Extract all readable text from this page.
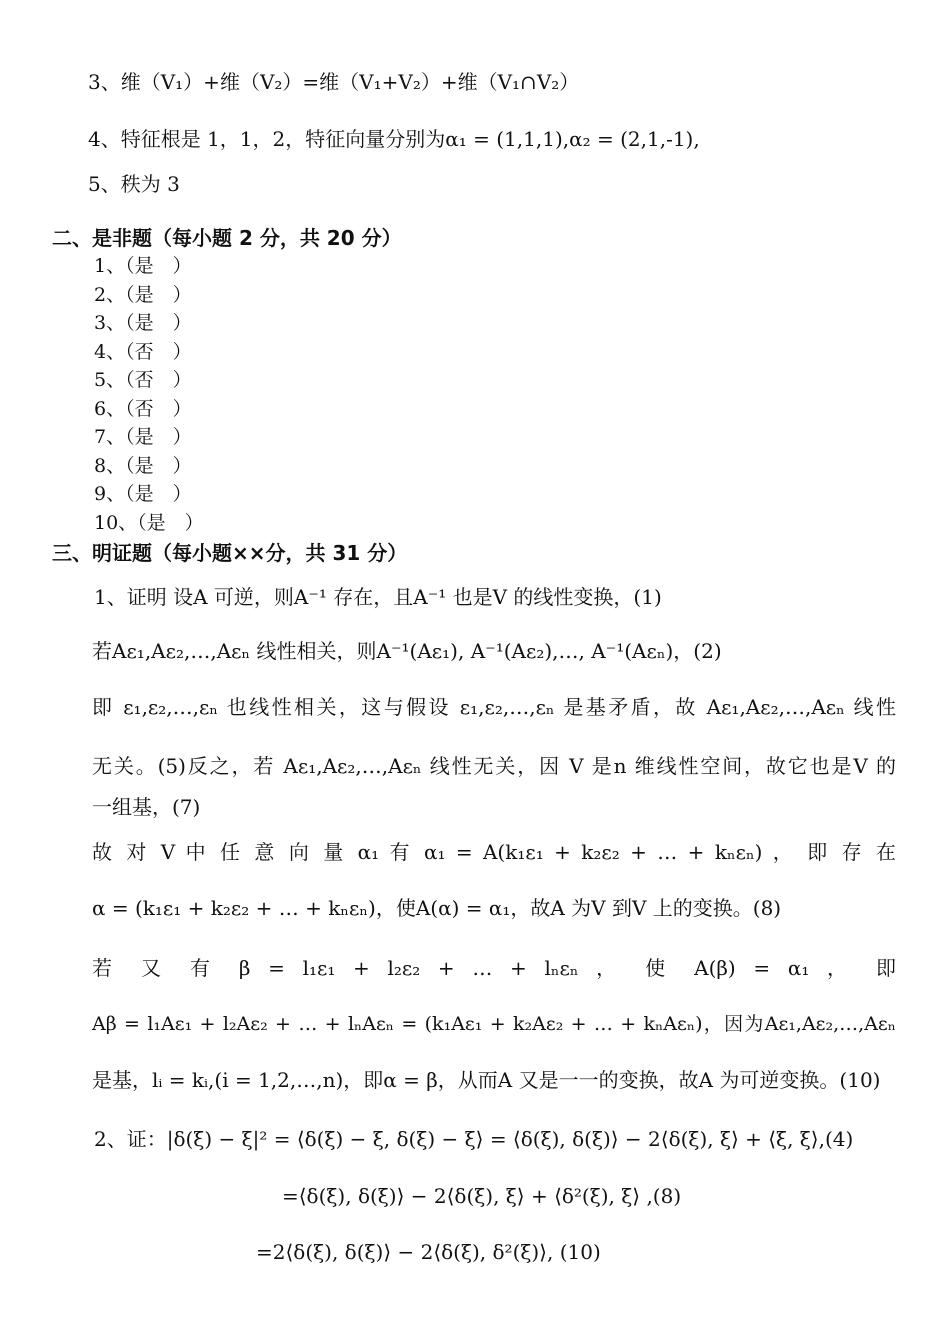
3、维（V₁）+维（V₂）=维（V₁+V₂）+维（V₁∩V₂）
4、特征根是 1，1，2，特征向量分别为α₁ = (1,1,1),α₂ = (2,1,-1),
5、秩为 3
二、是非题（每小题 2 分，共 20 分）
1、（是　）
2、（是　）
3、（是　）
4、（否　）
5、（否　）
6、（否　）
7、（是　）
8、（是　）
9、（是　）
10、（是　）
三、明证题（每小题××分，共 31 分）
1、证明 设A 可逆，则A⁻¹ 存在，且A⁻¹ 也是V 的线性变换，(1)
若Aε₁,Aε₂,…,Aεₙ 线性相关，则A⁻¹(Aε₁), A⁻¹(Aε₂),…, A⁻¹(Aεₙ)，(2)
即 ε₁,ε₂,…,εₙ 也线性相关，这与假设 ε₁,ε₂,…,εₙ 是基矛盾，故 Aε₁,Aε₂,…,Aεₙ 线性
无关。(5)反之，若 Aε₁,Aε₂,…,Aεₙ 线性无关，因 V 是n 维线性空间，故它也是V 的
一组基，(7)
故 对 V 中 任 意 向 量 α₁ 有 α₁ = A(k₁ε₁ + k₂ε₂ + … + kₙεₙ) ， 即 存 在
α = (k₁ε₁ + k₂ε₂ + … + kₙεₙ)，使A(α) = α₁，故A 为V 到V 上的变换。(8)
若 又 有 β = l₁ε₁ + l₂ε₂ + … + lₙεₙ ， 使 A(β) = α₁ ， 即
Aβ = l₁Aε₁ + l₂Aε₂ + … + lₙAεₙ = (k₁Aε₁ + k₂Aε₂ + … + kₙAεₙ)，因为Aε₁,Aε₂,…,Aεₙ
是基，lᵢ = kᵢ,(i = 1,2,…,n)，即α = β，从而A 又是一一的变换，故A 为可逆变换。(10)
2、证：|δ(ξ) − ξ|² = ⟨δ(ξ) − ξ, δ(ξ) − ξ⟩ = ⟨δ(ξ), δ(ξ)⟩ − 2⟨δ(ξ), ξ⟩ + ⟨ξ, ξ⟩,(4)
=⟨δ(ξ), δ(ξ)⟩ − 2⟨δ(ξ), ξ⟩ + ⟨δ²(ξ), ξ⟩ ,(8)
=2⟨δ(ξ), δ(ξ)⟩ − 2⟨δ(ξ), δ²(ξ)⟩, (10)
